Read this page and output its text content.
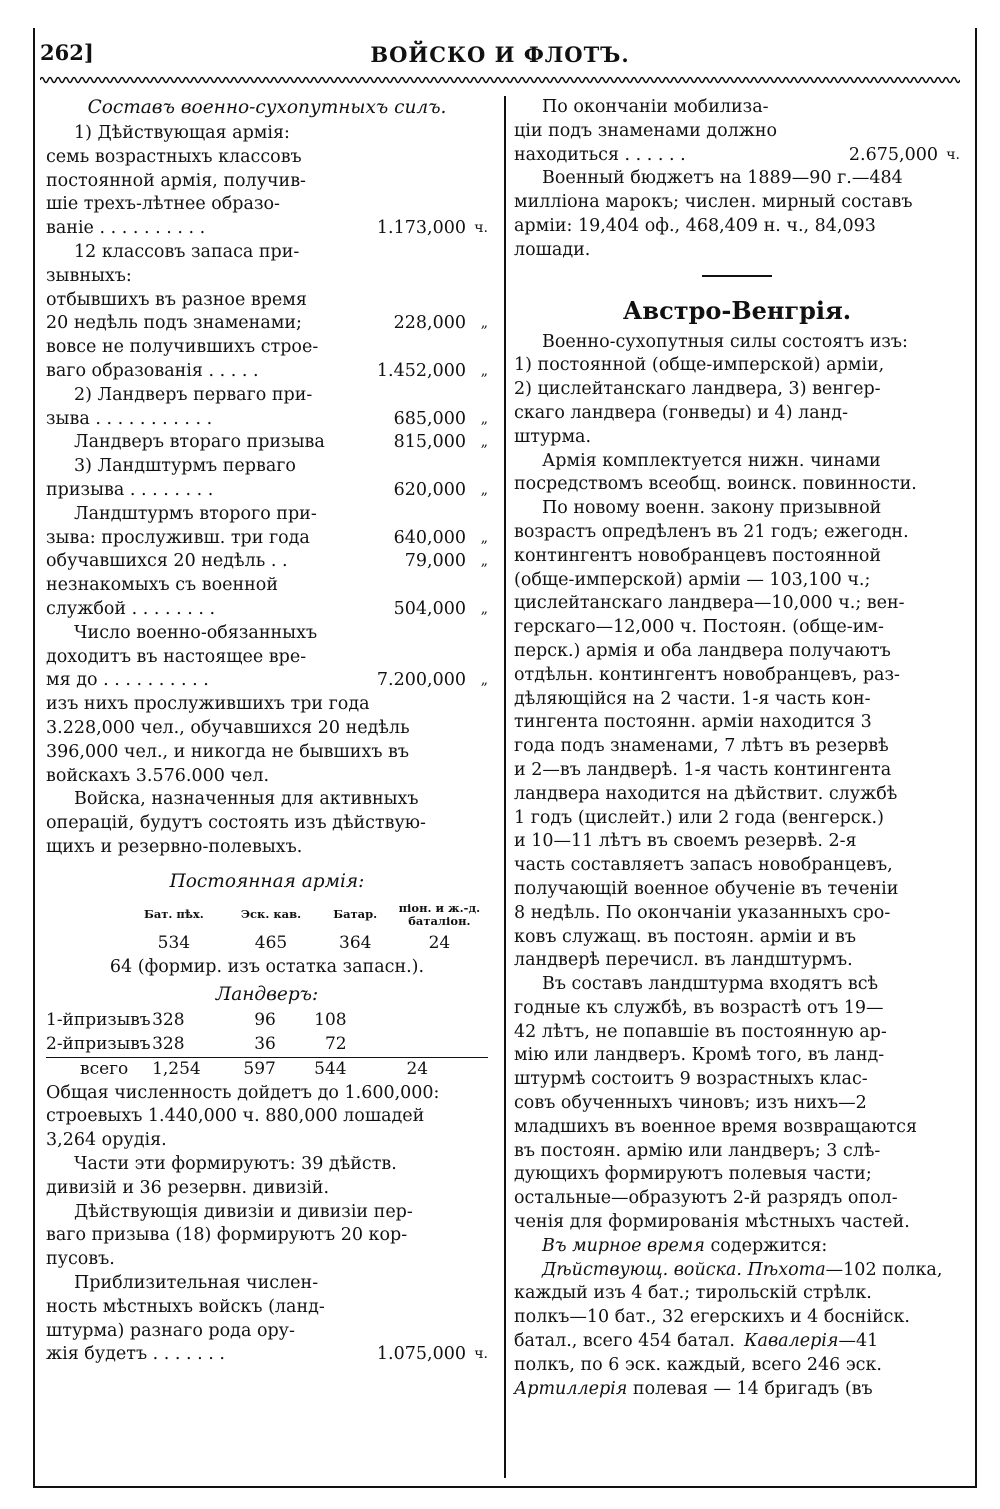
262]	ВОЙСКО И ФЛОТЪ.
Составъ военно-сухопутныхъ силъ.
1) Дѣйствующая армія:
семь возрастныхъ классовъ
постоянной армія, получив-
шіе трехъ-лѣтнее образо-
ваніе . . . . . . . . . .	1.173,000 ч.
12 классовъ запаса при-
зывныхъ:
отбывшихъ въ разное время
20 недѣль подъ знаменами;	228,000 „
вовсе не получившихъ строе-
ваго образованія . . . . .	1.452,000 „
2) Ландверъ перваго при-
зыва . . . . . . . . . . .	685,000 „
Ландверъ втораго призыва	815,000 „
3) Ландштурмъ перваго
призыва . . . . . . . .	620,000 „
Ландштурмъ второго при-
зыва: прослуживш. три года	640,000 „
обучавшихся 20 недѣль . .	79,000 „
незнакомыхъ съ военной
службой . . . . . . . .	504,000 „
Число военно-обязанныхъ
доходитъ въ настоящее вре-
мя до . . . . . . . . . .	7.200,000 „
изъ нихъ прослужившихъ три года
3.228,000 чел., обучавшихся 20 недѣль
396,000 чел., и никогда не бывшихъ въ
войскахъ 3.576.000 чел.
Войска, назначенныя для активныхъ
операцій, будутъ состоять изъ дѣйствую-
щихъ и резервно-полевыхъ.
Постоянная армія:
	Бат. пѣх.	Эск. кав.	Батар.	піон. и ж.-д. баталіон.
	534	465	364	24
64 (формир. изъ остатка запасн.).
Ландверъ:
1-йпризывъ	328	96	108	
2-йпризывъ	328	36	72	
всего	1,254	597	544	24
Общая численность дойдетъ до 1.600,000:
строевыхъ 1.440,000 ч. 880,000 лошадей
3,264 орудія.
Части эти формируютъ: 39 дѣйств.
дивизій и 36 резервн. дивизій.
Дѣйствующія дивизіи и дивизіи пер-
ваго призыва (18) формируютъ 20 кор-
пусовъ.
Приблизительная числен-
ность мѣстныхъ войскъ (ланд-
штурма) разнаго рода ору-
жія будетъ . . . . . . .	1.075,000 ч.
По окончаніи мобилиза-
ціи подъ знаменами должно
находиться . . . . . .	2.675,000 ч.
Военный бюджетъ на 1889—90 г.—484
милліона марокъ; числен. мирный составъ
арміи: 19,404 оф., 468,409 н. ч., 84,093
лошади.
Австро-Венгрія.
Военно-сухопутныя силы состоятъ изъ:
1) постоянной (обще-имперской) арміи,
2) цислейтанскаго ландвера, 3) венгер-
скаго ландвера (гонведы) и 4) ланд-
штурма.
Армія комплектуется нижн. чинами
посредствомъ всеобщ. воинск. повинности.
По новому военн. закону призывной
возрастъ опредѣленъ въ 21 годъ; ежегодн.
контингентъ новобранцевъ постоянной
(обще-имперской) арміи — 103,100 ч.;
цислейтанскаго ландвера—10,000 ч.; вен-
герскаго—12,000 ч. Постоян. (обще-им-
перск.) армія и оба ландвера получаютъ
отдѣльн. контингентъ новобранцевъ, раз-
дѣляющійся на 2 части. 1-я часть кон-
тингента постоянн. арміи находится 3
года подъ знаменами, 7 лѣтъ въ резервѣ
и 2—въ ландверѣ. 1-я часть контингента
ландвера находится на дѣйствит. службѣ
1 годъ (цислейт.) или 2 года (венгерск.)
и 10—11 лѣтъ въ своемъ резервѣ. 2-я
часть составляетъ запасъ новобранцевъ,
получающій военное обученіе въ теченіи
8 недѣль. По окончаніи указанныхъ сро-
ковъ служащ. въ постоян. арміи и въ
ландверѣ перечисл. въ ландштурмъ.
Въ составъ ландштурма входятъ всѣ
годные къ службѣ, въ возрастѣ отъ 19—
42 лѣтъ, не попавшіе въ постоянную ар-
мію или ландверъ. Кромѣ того, въ ланд-
штурмѣ состоитъ 9 возрастныхъ клас-
совъ обученныхъ чиновъ; изъ нихъ—2
младшихъ въ военное время возвращаются
въ постоян. армію или ландверъ; 3 слѣ-
дующихъ формируютъ полевыя части;
остальные—образуютъ 2-й разрядъ опол-
ченія для формированія мѣстныхъ частей.
Въ мирное время содержится:
Дѣйствующ. войска. Пѣхота—102 полка,
каждый изъ 4 бат.; тирольскій стрѣлк.
полкъ—10 бат., 32 егерскихъ и 4 боснійск.
батал., всего 454 батал. Кавалерія—41
полкъ, по 6 эск. каждый, всего 246 эск.
Артиллерія полевая — 14 бригадъ (въ
